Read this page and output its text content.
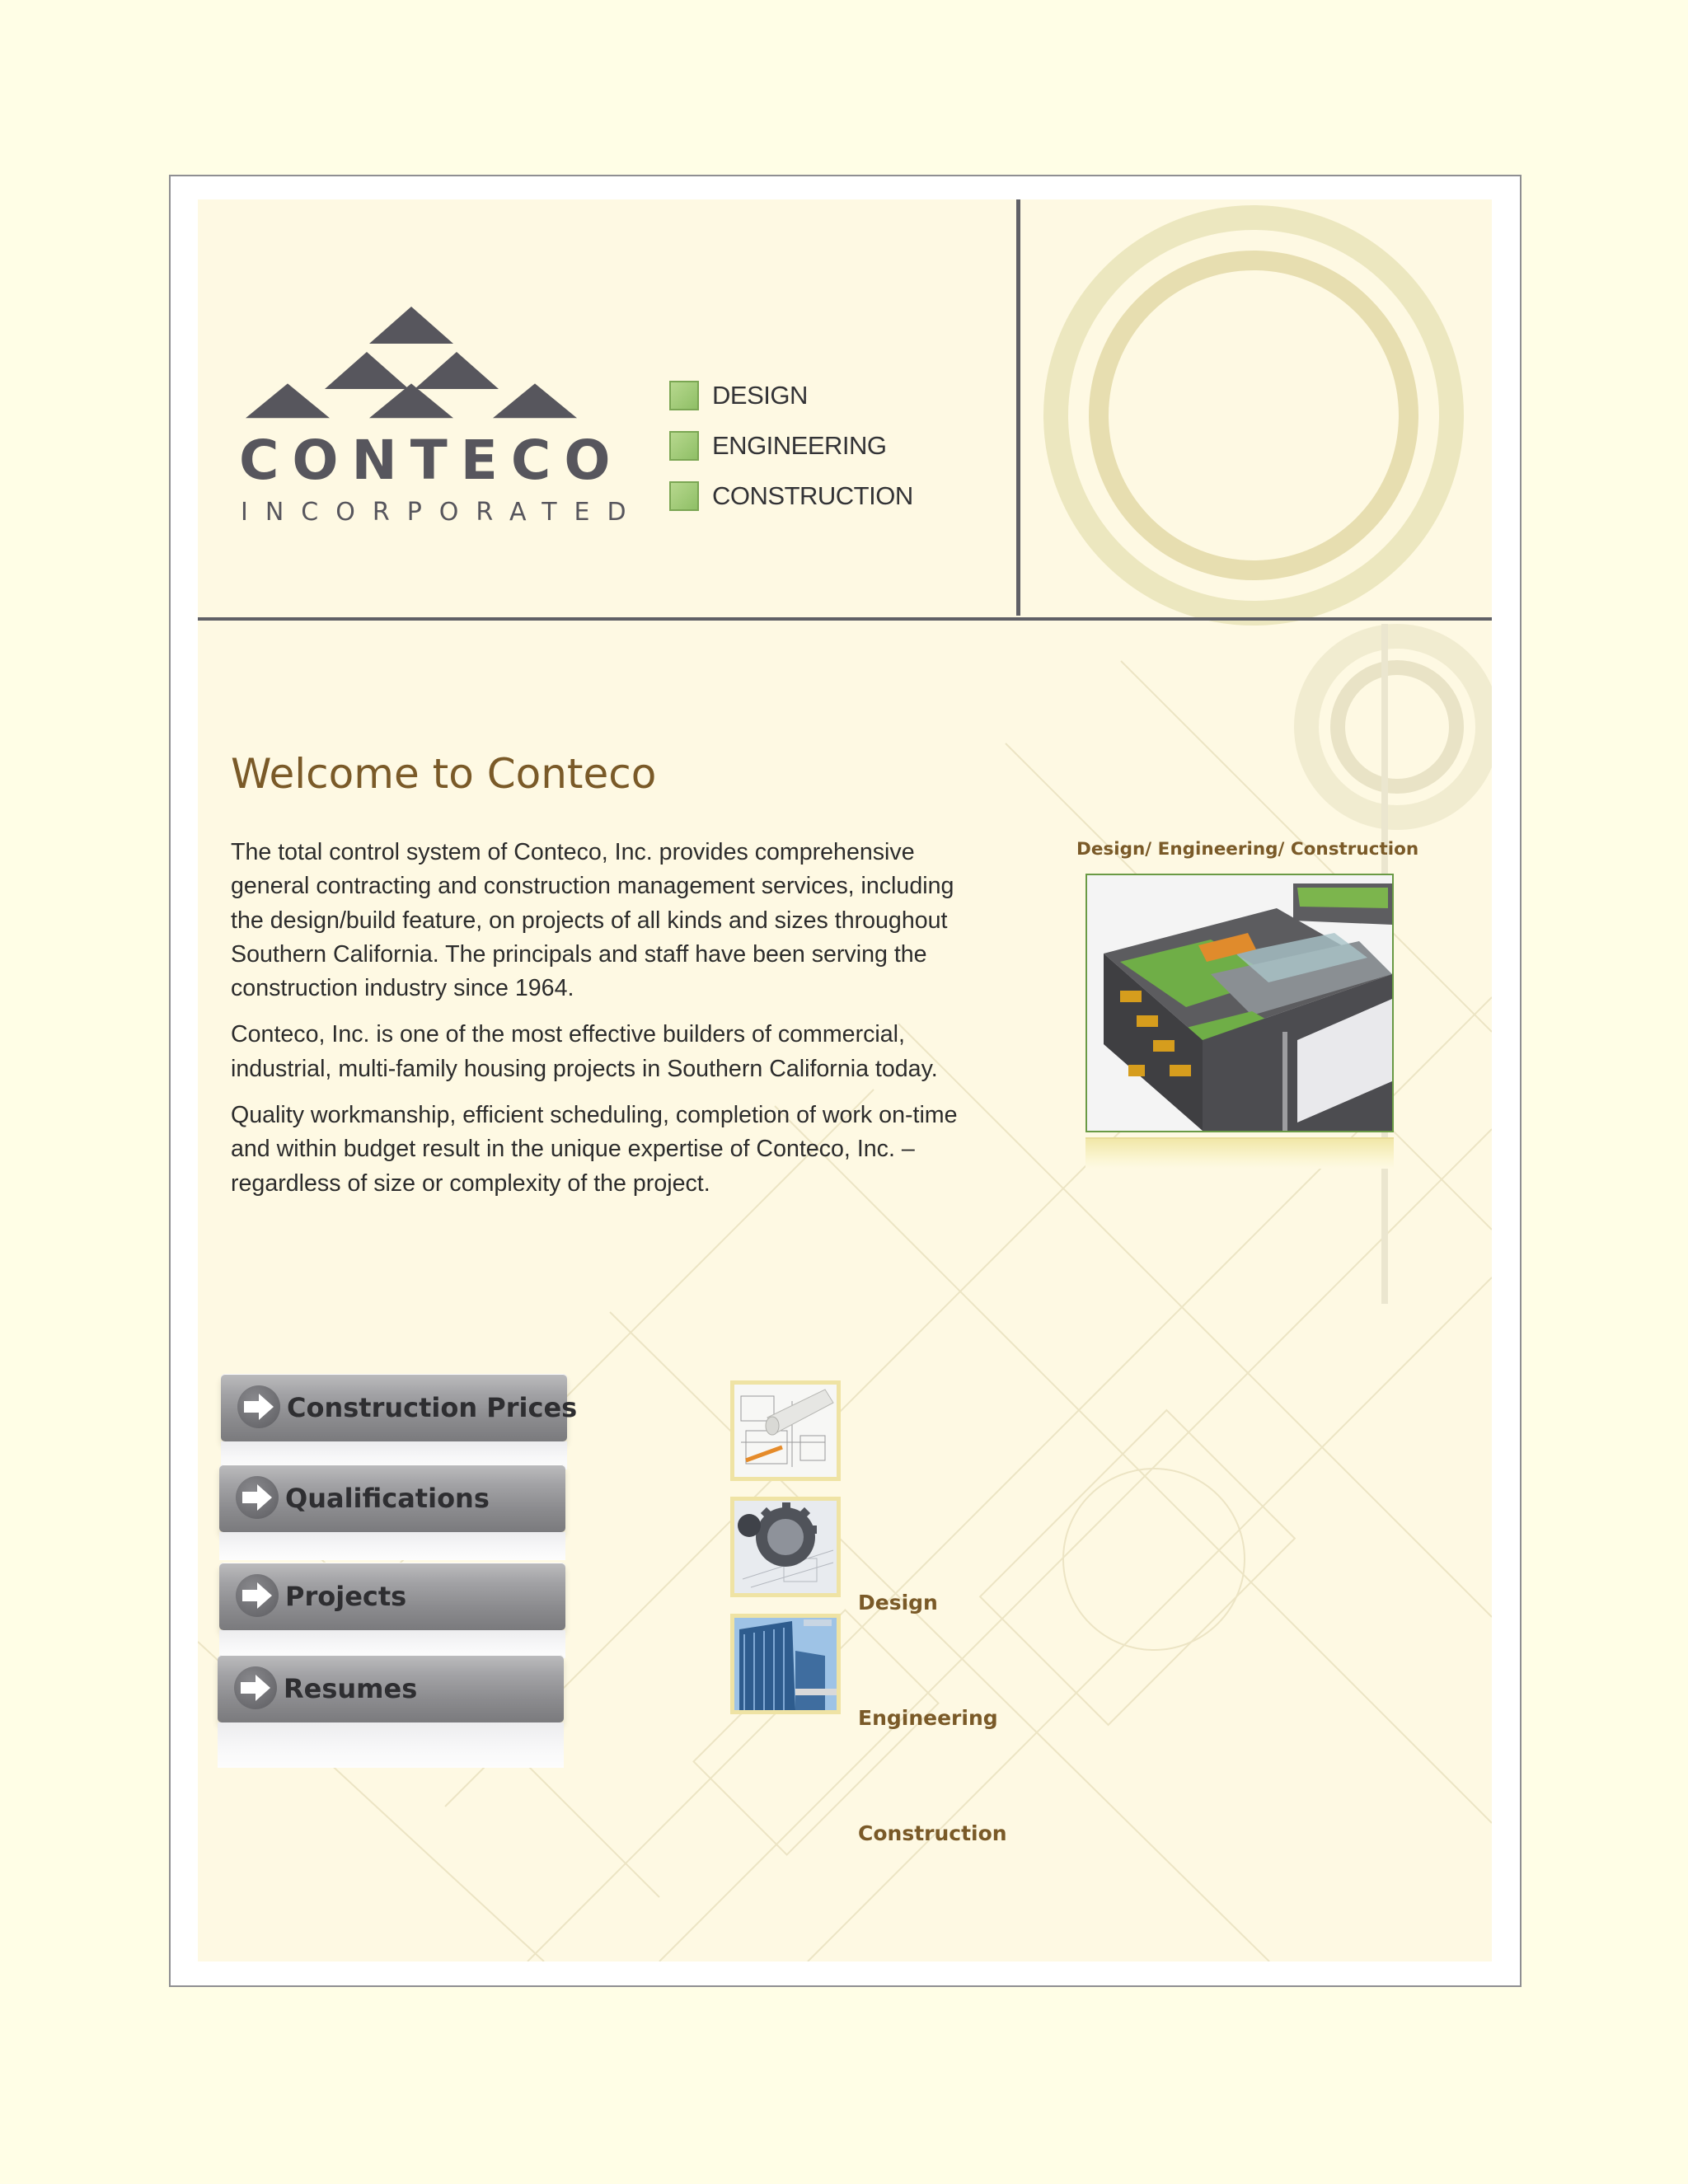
CONTECO
INCORPORATED
DESIGN
ENGINEERING
CONSTRUCTION
Welcome to Conteco

The total control system of Conteco, Inc. provides comprehensive general contracting and construction management services, including the design/build feature, on projects of all kinds and sizes throughout Southern California. The principals and staff have been serving the construction industry since 1964.

Conteco, Inc. is one of the most effective builders of commercial, industrial, multi-family housing projects in Southern California today.

Quality workmanship, efficient scheduling, completion of work on-time and within budget result in the unique expertise of Conteco, Inc. – regardless of size or complexity of the project.

Design/ Engineering/ Construction
Construction Prices
Qualifications
Projects
Resumes
Design
Engineering
Construction
